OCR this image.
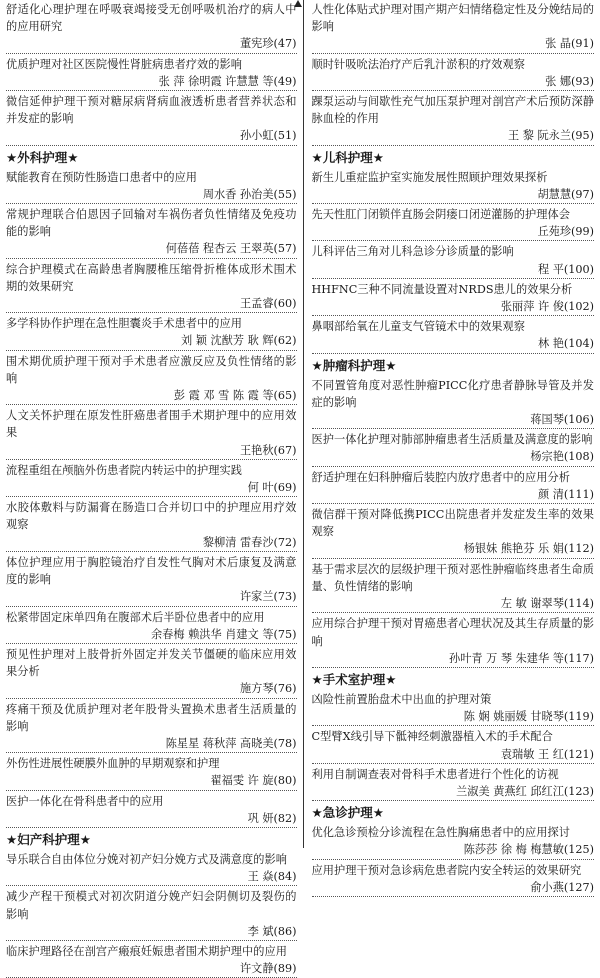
舒适化心理护理在呼吸衰竭接受无创呼吸机治疗的病人中的应用研究
董宪珍(47)
优质护理对社区医院慢性肾脏病患者疗效的影响
张 萍 徐明霞 许慧慧 等(49)
微信延伸护理干预对糖尿病肾病血液透析患者营养状态和并发症的影响
孙小虹(51)
★外科护理★
赋能教育在预防性肠造口患者中的应用
周水香 孙治美(55)
常规护理联合伯恩因子回输对车祸伤者负性情绪及免疫功能的影响
何蓓蓓 程杏云 王翠英(57)
综合护理模式在高龄患者胸腰椎压缩骨折椎体成形术围术期的效果研究
王孟睿(60)
多学科协作护理在急性胆囊炎手术患者中的应用
刘 颖 沈猷芳 耿 辉(62)
围术期优质护理干预对手术患者应激反应及负性情绪的影响
彭 霞 邓 雪 陈 霞 等(65)
人文关怀护理在原发性肝癌患者围手术期护理中的应用效果
王艳秋(67)
流程重组在颅脑外伤患者院内转运中的护理实践
何 叶(69)
水胶体敷料与防漏膏在肠造口合并切口中的护理应用疗效观察
黎柳清 雷春沙(72)
体位护理应用于胸腔镜治疗自发性气胸对术后康复及满意度的影响
许家兰(73)
松紧带固定床单四角在腹部术后半卧位患者中的应用
余春梅 赖洪华 肖建文 等(75)
预见性护理对上肢骨折外固定并发关节僵硬的临床应用效果分析
施方琴(76)
疼痛干预及优质护理对老年股骨头置换术患者生活质量的影响
陈星星 蒋秋萍 高晓美(78)
外伤性进展性硬膜外血肿的早期观察和护理
翟福雯 许 旋(80)
医护一体化在骨科患者中的应用
巩 妍(82)
★妇产科护理★
导乐联合自由体位分娩对初产妇分娩方式及满意度的影响
王 焱(84)
减少产程干预模式对初次阴道分娩产妇会阴侧切及裂伤的影响
李 斌(86)
临床护理路径在剖宫产瘢痕妊娠患者围术期护理中的应用
许文静(89)
人性化体贴式护理对围产期产妇情绪稳定性及分娩结局的影响
张 晶(91)
顺时针吸吮法治疗产后乳汁淤积的疗效观察
张 娜(93)
踝泵运动与间歇性充气加压泵护理对剖宫产术后预防深静脉血栓的作用
王 黎 阮永兰(95)
★儿科护理★
新生儿重症监护室实施发展性照顾护理效果探析
胡慧慧(97)
先天性肛门闭锁伴直肠会阴瘘口闭逆灌肠的护理体会
丘苑珍(99)
儿科评估三角对儿科急诊分诊质量的影响
程 平(100)
HHFNC三种不同流量设置对NRDS患儿的效果分析
张丽萍 许 俊(102)
鼻咽部给氧在儿童支气管镜术中的效果观察
林 艳(104)
★肿瘤科护理★
不同置管角度对恶性肿瘤PICC化疗患者静脉导管及并发症的影响
蒋国琴(106)
医护一体化护理对肺部肿瘤患者生活质量及满意度的影响
杨宗艳(108)
舒适护理在妇科肿瘤后装腔内放疗患者中的应用分析
颜 清(111)
微信群干预对降低携PICC出院患者并发症发生率的效果观察
杨银妹 熊艳芬 乐 娟(112)
基于需求层次的层级护理干预对恶性肿瘤临终患者生命质量、负性情绪的影响
左 敏 谢翠琴(114)
应用综合护理干预对胃癌患者心理状况及其生存质量的影响
孙叶青 万 琴 朱建华 等(117)
★手术室护理★
凶险性前置胎盘术中出血的护理对策
陈 娴 姚丽媛 甘晓琴(119)
C型臂X线引导下骶神经刺激器植入术的手术配合
袁瑞敏 王 红(121)
利用自制调查表对骨科手术患者进行个性化的访视
兰淑美 黄燕红 邱红江(123)
★急诊护理★
优化急诊预检分诊流程在急性胸痛患者中的应用探讨
陈莎莎 徐 梅 梅慧敏(125)
应用护理干预对急诊病危患者院内安全转运的效果研究
俞小燕(127)
